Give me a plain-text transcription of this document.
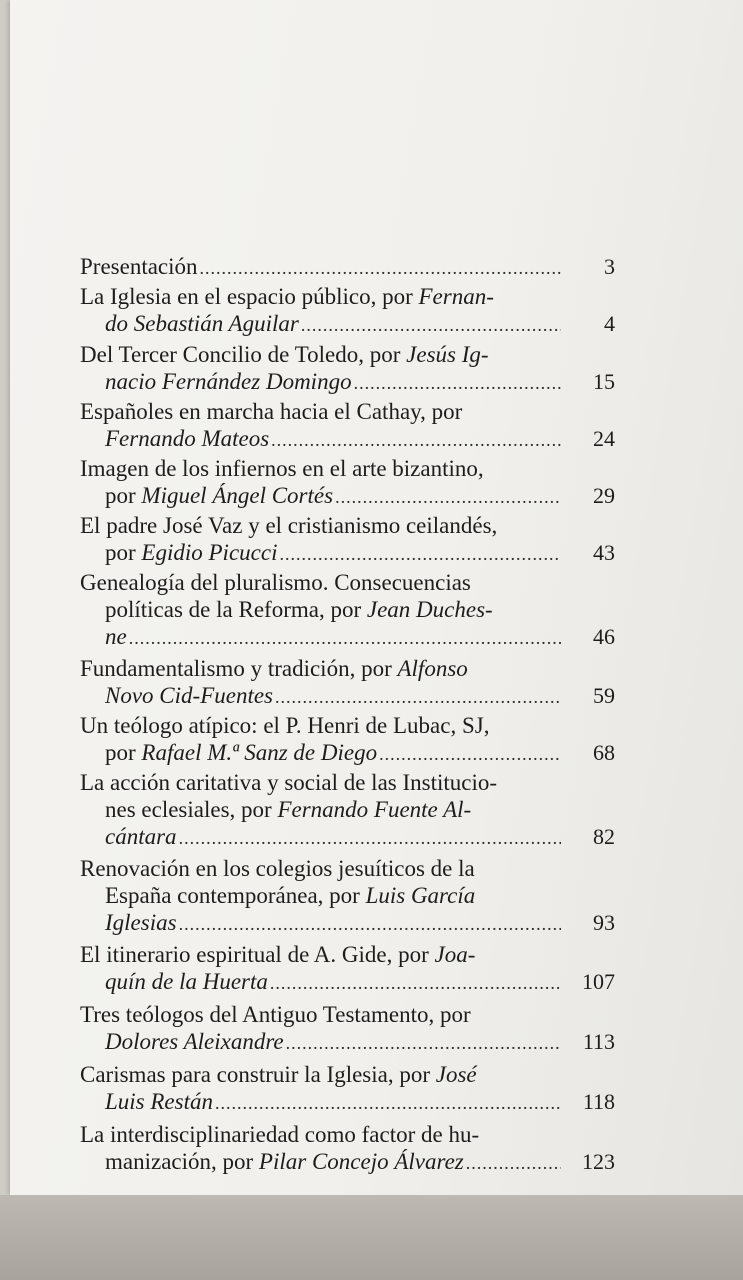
Presentación .....	3
La Iglesia en el espacio público, por Fernan-
do Sebastián Aguilar .....	4
Del Tercer Concilio de Toledo, por Jesús Ig-
nacio Fernández Domingo .....	15
Españoles en marcha hacia el Cathay, por
Fernando Mateos .....	24
Imagen de los infiernos en el arte bizantino,
por Miguel Ángel Cortés .....	29
El padre José Vaz y el cristianismo ceilandés,
por Egidio Picucci .....	43
Genealogía del pluralismo. Consecuencias
políticas de la Reforma, por Jean Duches-
ne .....	46
Fundamentalismo y tradición, por Alfonso
Novo Cid-Fuentes .....	59
Un teólogo atípico: el P. Henri de Lubac, SJ,
por Rafael M.ª Sanz de Diego .....	68
La acción caritativa y social de las Institucio-
nes eclesiales, por Fernando Fuente Al-
cántara .....	82
Renovación en los colegios jesuíticos de la
España contemporánea, por Luis García
Iglesias .....	93
El itinerario espiritual de A. Gide, por Joa-
quín de la Huerta .....	107
Tres teólogos del Antiguo Testamento, por
Dolores Aleixandre .....	113
Carismas para construir la Iglesia, por José
Luis Restán .....	118
La interdisciplinariedad como factor de hu-
manización, por Pilar Concejo Álvarez .....	123
